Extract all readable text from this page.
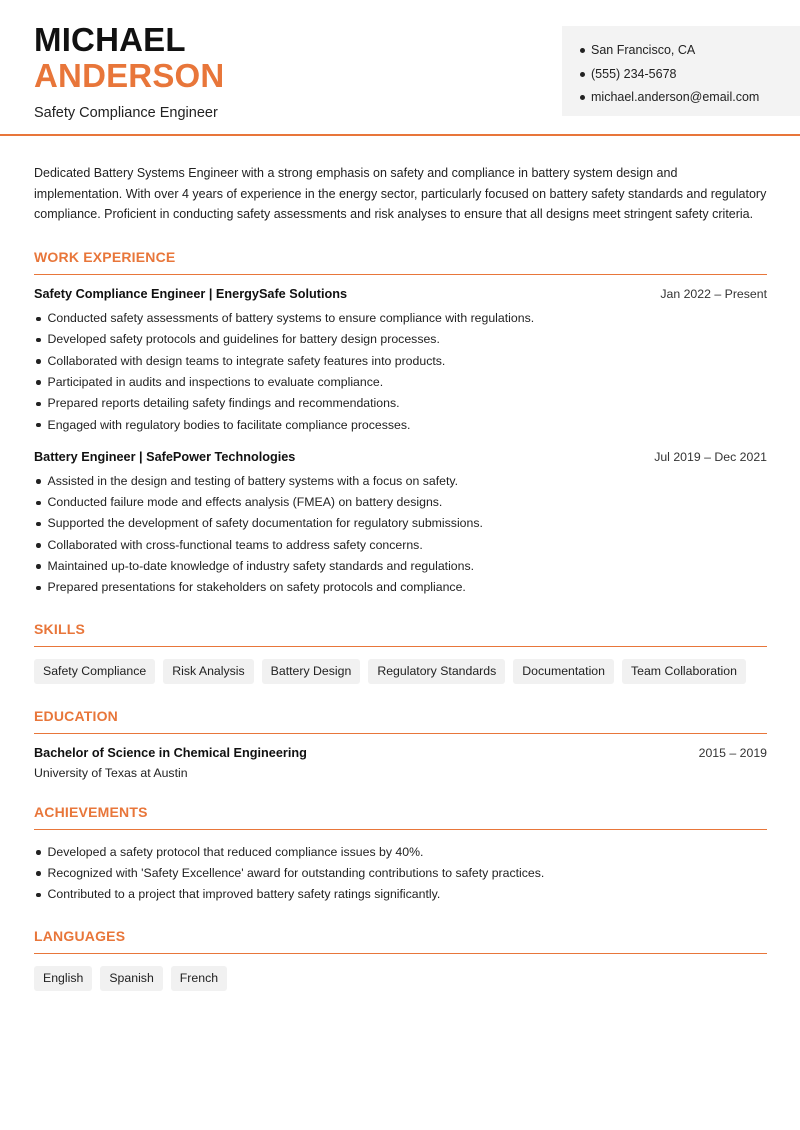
MICHAEL
ANDERSON
Safety Compliance Engineer
San Francisco, CA
(555) 234-5678
michael.anderson@email.com
Dedicated Battery Systems Engineer with a strong emphasis on safety and compliance in battery system design and implementation. With over 4 years of experience in the energy sector, particularly focused on battery safety standards and regulatory compliance. Proficient in conducting safety assessments and risk analyses to ensure that all designs meet stringent safety criteria.
WORK EXPERIENCE
Safety Compliance Engineer | EnergySafe Solutions	Jan 2022 – Present
Conducted safety assessments of battery systems to ensure compliance with regulations.
Developed safety protocols and guidelines for battery design processes.
Collaborated with design teams to integrate safety features into products.
Participated in audits and inspections to evaluate compliance.
Prepared reports detailing safety findings and recommendations.
Engaged with regulatory bodies to facilitate compliance processes.
Battery Engineer | SafePower Technologies	Jul 2019 – Dec 2021
Assisted in the design and testing of battery systems with a focus on safety.
Conducted failure mode and effects analysis (FMEA) on battery designs.
Supported the development of safety documentation for regulatory submissions.
Collaborated with cross-functional teams to address safety concerns.
Maintained up-to-date knowledge of industry safety standards and regulations.
Prepared presentations for stakeholders on safety protocols and compliance.
SKILLS
Safety Compliance	Risk Analysis	Battery Design	Regulatory Standards	Documentation	Team Collaboration
EDUCATION
Bachelor of Science in Chemical Engineering	2015 – 2019
University of Texas at Austin
ACHIEVEMENTS
Developed a safety protocol that reduced compliance issues by 40%.
Recognized with 'Safety Excellence' award for outstanding contributions to safety practices.
Contributed to a project that improved battery safety ratings significantly.
LANGUAGES
English	Spanish	French
